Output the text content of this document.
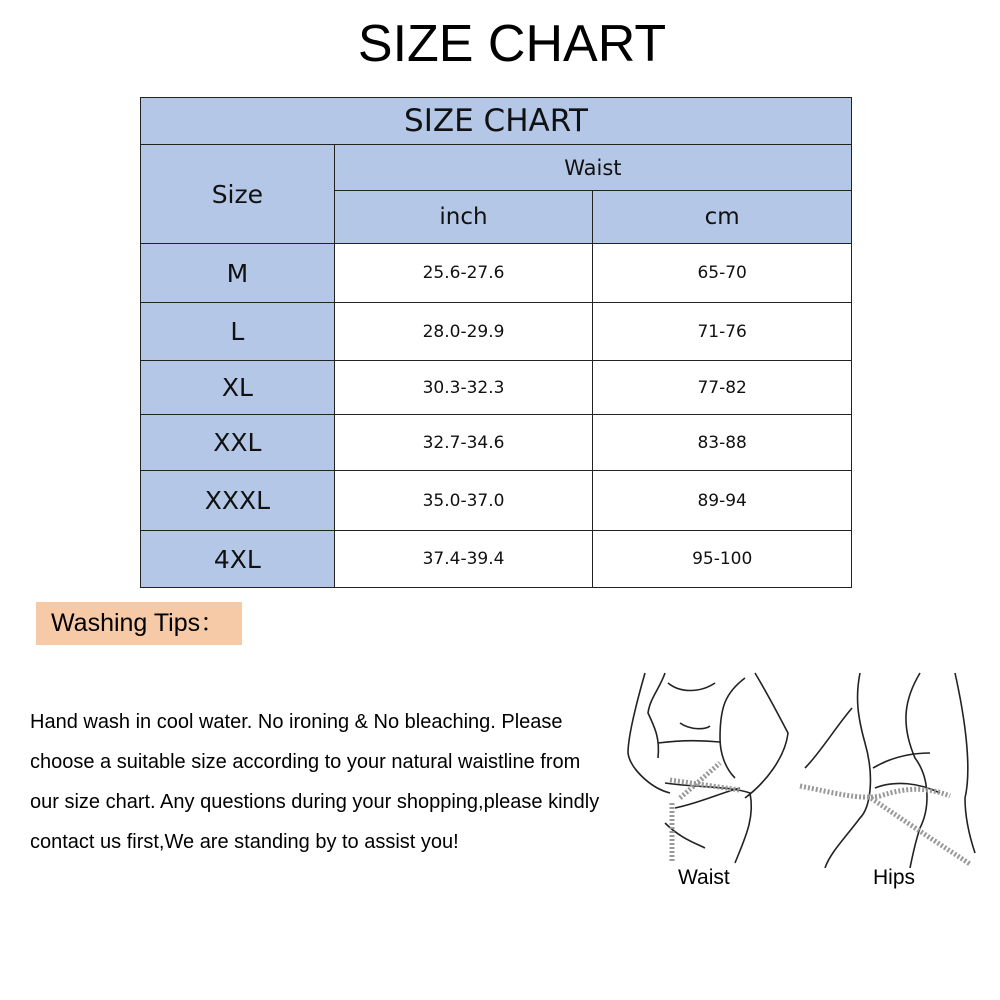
SIZE CHART
SIZE CHART		
Size	Waist	
	inch	cm
M	25.6-27.6	65-70
L	28.0-29.9	71-76
XL	30.3-32.3	77-82
XXL	32.7-34.6	83-88
XXXL	35.0-37.0	89-94
4XL	37.4-39.4	95-100
Washing Tips：
Hand wash in cool water. No ironing & No bleaching. Please choose a suitable size according to your natural waistline from our size chart. Any questions during your shopping,please kindly contact us first,We are standing by to assist you!
Waist	Hips
